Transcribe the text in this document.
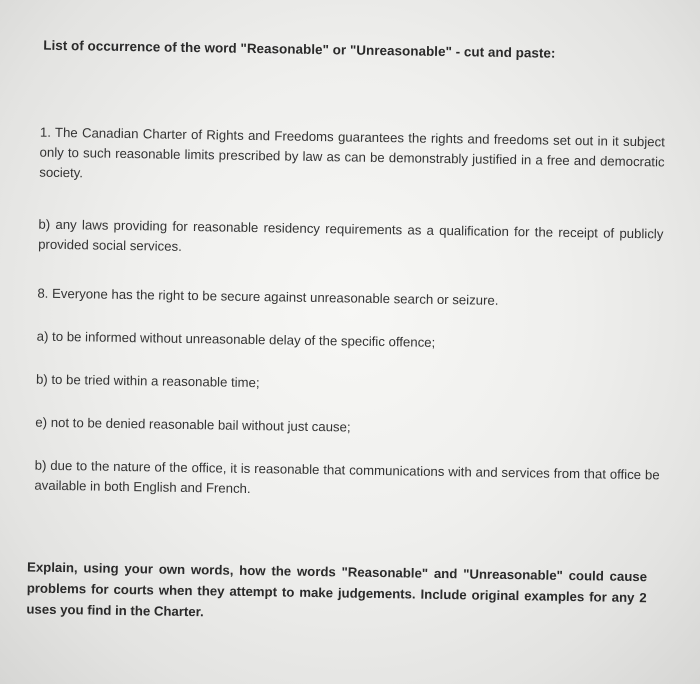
List of occurrence of the word "Reasonable" or "Unreasonable" - cut and paste:

1. The Canadian Charter of Rights and Freedoms guarantees the rights and freedoms set out in it subject only to such reasonable limits prescribed by law as can be demonstrably justified in a free and democratic society.

b) any laws providing for reasonable residency requirements as a qualification for the receipt of publicly provided social services.

8. Everyone has the right to be secure against unreasonable search or seizure.

a) to be informed without unreasonable delay of the specific offence;

b) to be tried within a reasonable time;

e) not to be denied reasonable bail without just cause;

b) due to the nature of the office, it is reasonable that communications with and services from that office be available in both English and French.

Explain, using your own words, how the words "Reasonable" and "Unreasonable" could cause problems for courts when they attempt to make judgements. Include original examples for any 2 uses you find in the Charter.
